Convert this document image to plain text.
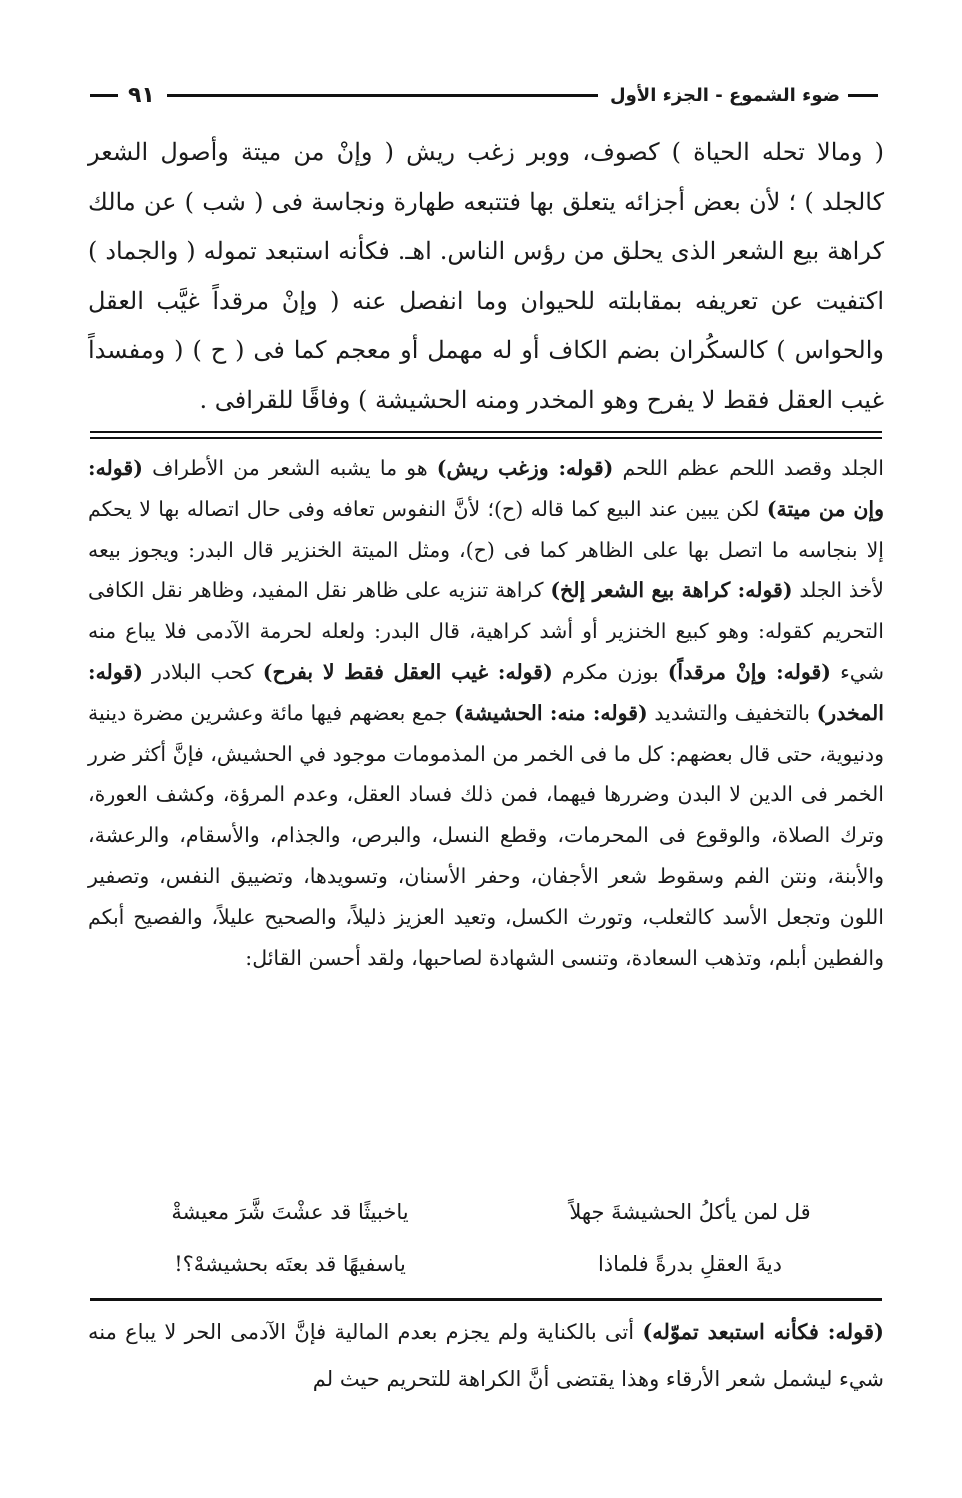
ضوء الشموع - الجزء الأول
٩١

( ومالا تحله الحياة ) كصوف، ووبر زغب ريش ( وإنْ من ميتة وأصول الشعر كالجلد ) ؛ لأن بعض أجزائه يتعلق بها فتتبعه طهارة ونجاسة فى ( شب ) عن مالك كراهة بيع الشعر الذى يحلق من رؤس الناس. اهـ. فكأنه استبعد تموله ( والجماد ) اكتفيت عن تعريفه بمقابلته للحيوان وما انفصل عنه ( وإنْ مرقداً غيَّب العقل والحواس ) كالسكُران بضم الكاف أو له مهمل أو معجم كما فى ( ح ) ( ومفسداً غيب العقل فقط لا يفرح وهو المخدر ومنه الحشيشة ) وفاقًا للقرافى .

الجلد وقصد اللحم عظم اللحم (قوله: وزغب ريش) هو ما يشبه الشعر من الأطراف (قوله: وإن من ميتة) لكن يبين عند البيع كما قاله (ح)؛ لأنَّ النفوس تعافه وفى حال اتصاله بها لا يحكم إلا بنجاسه ما اتصل بها على الظاهر كما فى (ح)، ومثل الميتة الخنزير قال البدر: ويجوز بيعه لأخذ الجلد (قوله: كراهة بيع الشعر إلخ) كراهة تنزيه على ظاهر نقل المفيد، وظاهر نقل الكافى التحريم كقوله: وهو كبيع الخنزير أو أشد كراهية، قال البدر: ولعله لحرمة الآدمى فلا يباع منه شيء (قوله: وإنْ مرقداً) بوزن مكرم (قوله: غيب العقل فقط لا بفرح) كحب البلادر (قوله: المخدر) بالتخفيف والتشديد (قوله: منه: الحشيشة) جمع بعضهم فيها مائة وعشرين مضرة دينية ودنيوية، حتى قال بعضهم: كل ما فى الخمر من المذمومات موجود في الحشيش، فإنَّ أكثر ضرر الخمر فى الدين لا البدن وضررها فيهما، فمن ذلك فساد العقل، وعدم المرؤة، وكشف العورة، وترك الصلاة، والوقوع فى المحرمات، وقطع النسل، والبرص، والجذام، والأسقام، والرعشة، والأبنة، ونتن الفم وسقوط شعر الأجفان، وحفر الأسنان، وتسويدها، وتضييق النفس، وتصفير اللون وتجعل الأسد كالثعلب، وتورث الكسل، وتعيد العزيز ذليلاً، والصحيح عليلاً، والفصيح أبكم والفطين أبلم، وتذهب السعادة، وتنسى الشهادة لصاحبها، ولقد أحسن القائل:

قل لمن يأكلُ الحشيشةَ جهلاً
ياخبيثًا قد عشْتَ شَّرَ معيشةْ
ديةَ العقلِ بدرةً فلماذا
ياسفيهًا قد بعتَه بحشيشهْ؟!

(قوله: فكأنه استبعد تموّله) أتى بالكناية ولم يجزم بعدم المالية فإنَّ الآدمى الحر لا يباع منه شيء ليشمل شعر الأرقاء وهذا يقتضى أنَّ الكراهة للتحريم حيث لم
